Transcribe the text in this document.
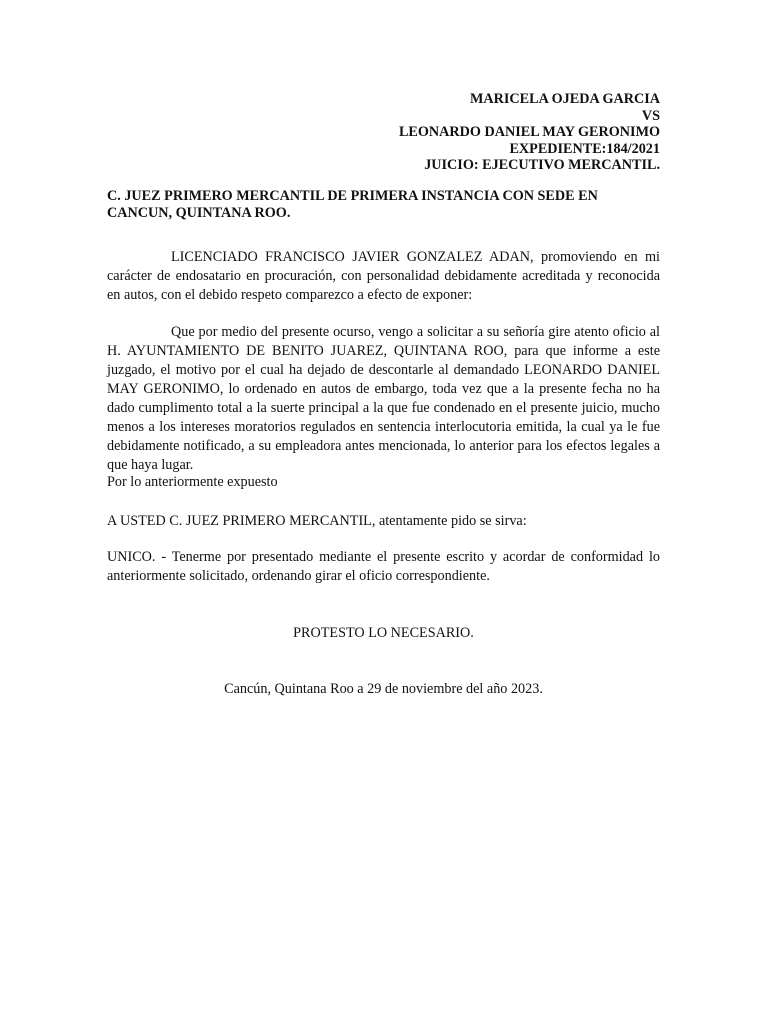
MARICELA OJEDA GARCIA
VS
LEONARDO DANIEL MAY GERONIMO
EXPEDIENTE:184/2021
JUICIO: EJECUTIVO MERCANTIL.
C. JUEZ PRIMERO MERCANTIL DE PRIMERA INSTANCIA CON SEDE EN CANCUN, QUINTANA ROO.
LICENCIADO FRANCISCO JAVIER GONZALEZ ADAN, promoviendo en mi carácter de endosatario en procuración, con personalidad debidamente acreditada y reconocida en autos, con el debido respeto comparezco a efecto de exponer:
Que por medio del presente ocurso, vengo a solicitar a su señoría gire atento oficio al H. AYUNTAMIENTO DE BENITO JUAREZ, QUINTANA ROO, para que informe a este juzgado, el motivo por el cual ha dejado de descontarle al demandado LEONARDO DANIEL MAY GERONIMO, lo ordenado en autos de embargo, toda vez que a la presente fecha no ha dado cumplimento total a la suerte principal a la que fue condenado en el presente juicio, mucho menos a los intereses moratorios regulados en sentencia interlocutoria emitida, la cual ya le fue debidamente notificado, a su empleadora antes mencionada, lo anterior para los efectos legales a que haya lugar.
Por lo anteriormente expuesto
A USTED C. JUEZ PRIMERO MERCANTIL, atentamente pido se sirva:
UNICO. - Tenerme por presentado mediante el presente escrito y acordar de conformidad lo anteriormente solicitado, ordenando girar el oficio correspondiente.
PROTESTO LO NECESARIO.
Cancún, Quintana Roo a 29 de noviembre del año 2023.
